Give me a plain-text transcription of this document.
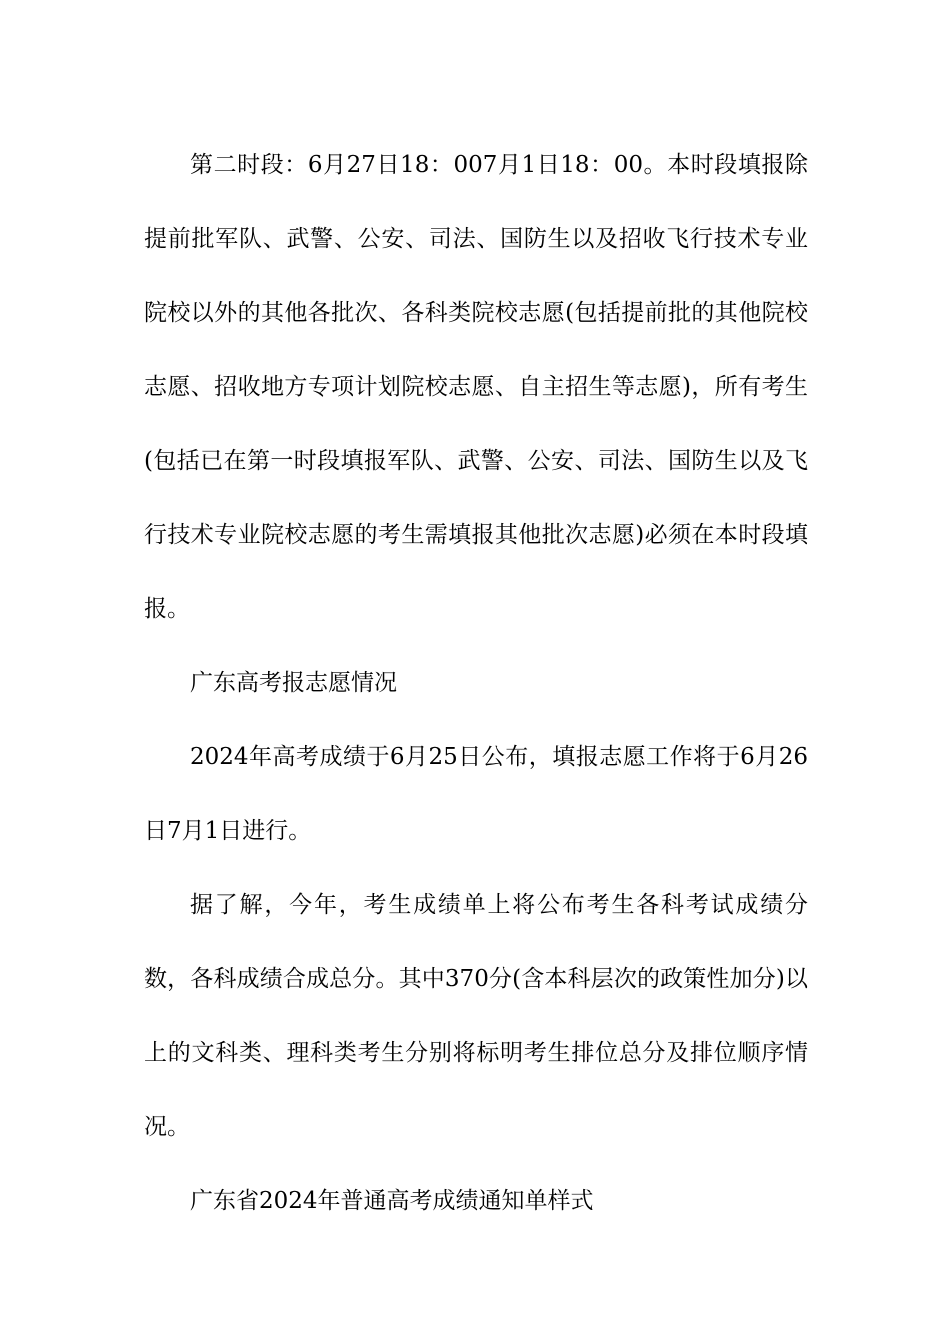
第二时段：6月27日18：007月1日18：00。本时段填报除提前批军队、武警、公安、司法、国防生以及招收飞行技术专业院校以外的其他各批次、各科类院校志愿(包括提前批的其他院校志愿、招收地方专项计划院校志愿、自主招生等志愿)，所有考生(包括已在第一时段填报军队、武警、公安、司法、国防生以及飞行技术专业院校志愿的考生需填报其他批次志愿)必须在本时段填报。

广东高考报志愿情况

2024年高考成绩于6月25日公布，填报志愿工作将于6月26日7月1日进行。

据了解，今年，考生成绩单上将公布考生各科考试成绩分数，各科成绩合成总分。其中370分(含本科层次的政策性加分)以上的文科类、理科类考生分别将标明考生排位总分及排位顺序情况。

广东省2024年普通高考成绩通知单样式
